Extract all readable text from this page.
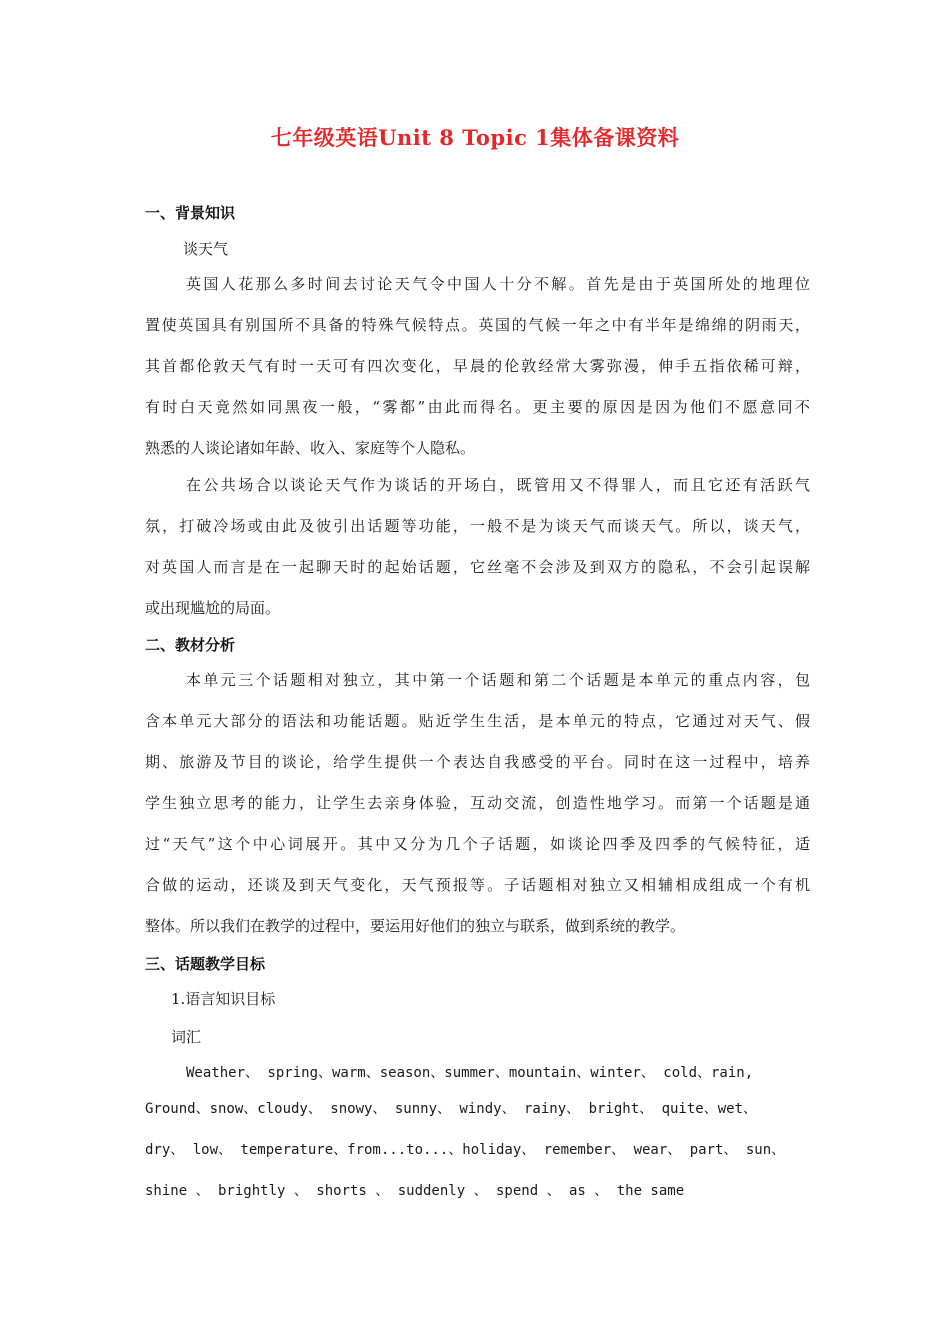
七年级英语Unit 8 Topic 1集体备课资料
一、背景知识
谈天气
英国人花那么多时间去讨论天气令中国人十分不解。首先是由于英国所处的地理位
置使英国具有别国所不具备的特殊气候特点。英国的气候一年之中有半年是绵绵的阴雨天，
其首都伦敦天气有时一天可有四次变化，早晨的伦敦经常大雾弥漫，伸手五指依稀可辩，
有时白天竟然如同黑夜一般，“雾都”由此而得名。更主要的原因是因为他们不愿意同不
熟悉的人谈论诸如年龄、收入、家庭等个人隐私。
在公共场合以谈论天气作为谈话的开场白，既管用又不得罪人，而且它还有活跃气
氛，打破冷场或由此及彼引出话题等功能，一般不是为谈天气而谈天气。所以，谈天气，
对英国人而言是在一起聊天时的起始话题，它丝毫不会涉及到双方的隐私，不会引起误解
或出现尴尬的局面。
二、教材分析
本单元三个话题相对独立，其中第一个话题和第二个话题是本单元的重点内容，包
含本单元大部分的语法和功能话题。贴近学生生活，是本单元的特点，它通过对天气、假
期、旅游及节目的谈论，给学生提供一个表达自我感受的平台。同时在这一过程中，培养
学生独立思考的能力，让学生去亲身体验，互动交流，创造性地学习。而第一个话题是通
过“天气”这个中心词展开。其中又分为几个子话题，如谈论四季及四季的气候特征，适
合做的运动，还谈及到天气变化，天气预报等。子话题相对独立又相辅相成组成一个有机
整体。所以我们在教学的过程中，要运用好他们的独立与联系，做到系统的教学。
三、话题教学目标
1.语言知识目标
词汇
Weather、 spring、warm、season、summer、mountain、winter、 cold、rain,
Ground、snow、cloudy、 snowy、 sunny、 windy、 rainy、 bright、 quite、wet、
dry、 low、 temperature、from...to...、holiday、 remember、 wear、 part、 sun、
shine 、 brightly 、 shorts 、 suddenly 、 spend 、 as 、 the same
